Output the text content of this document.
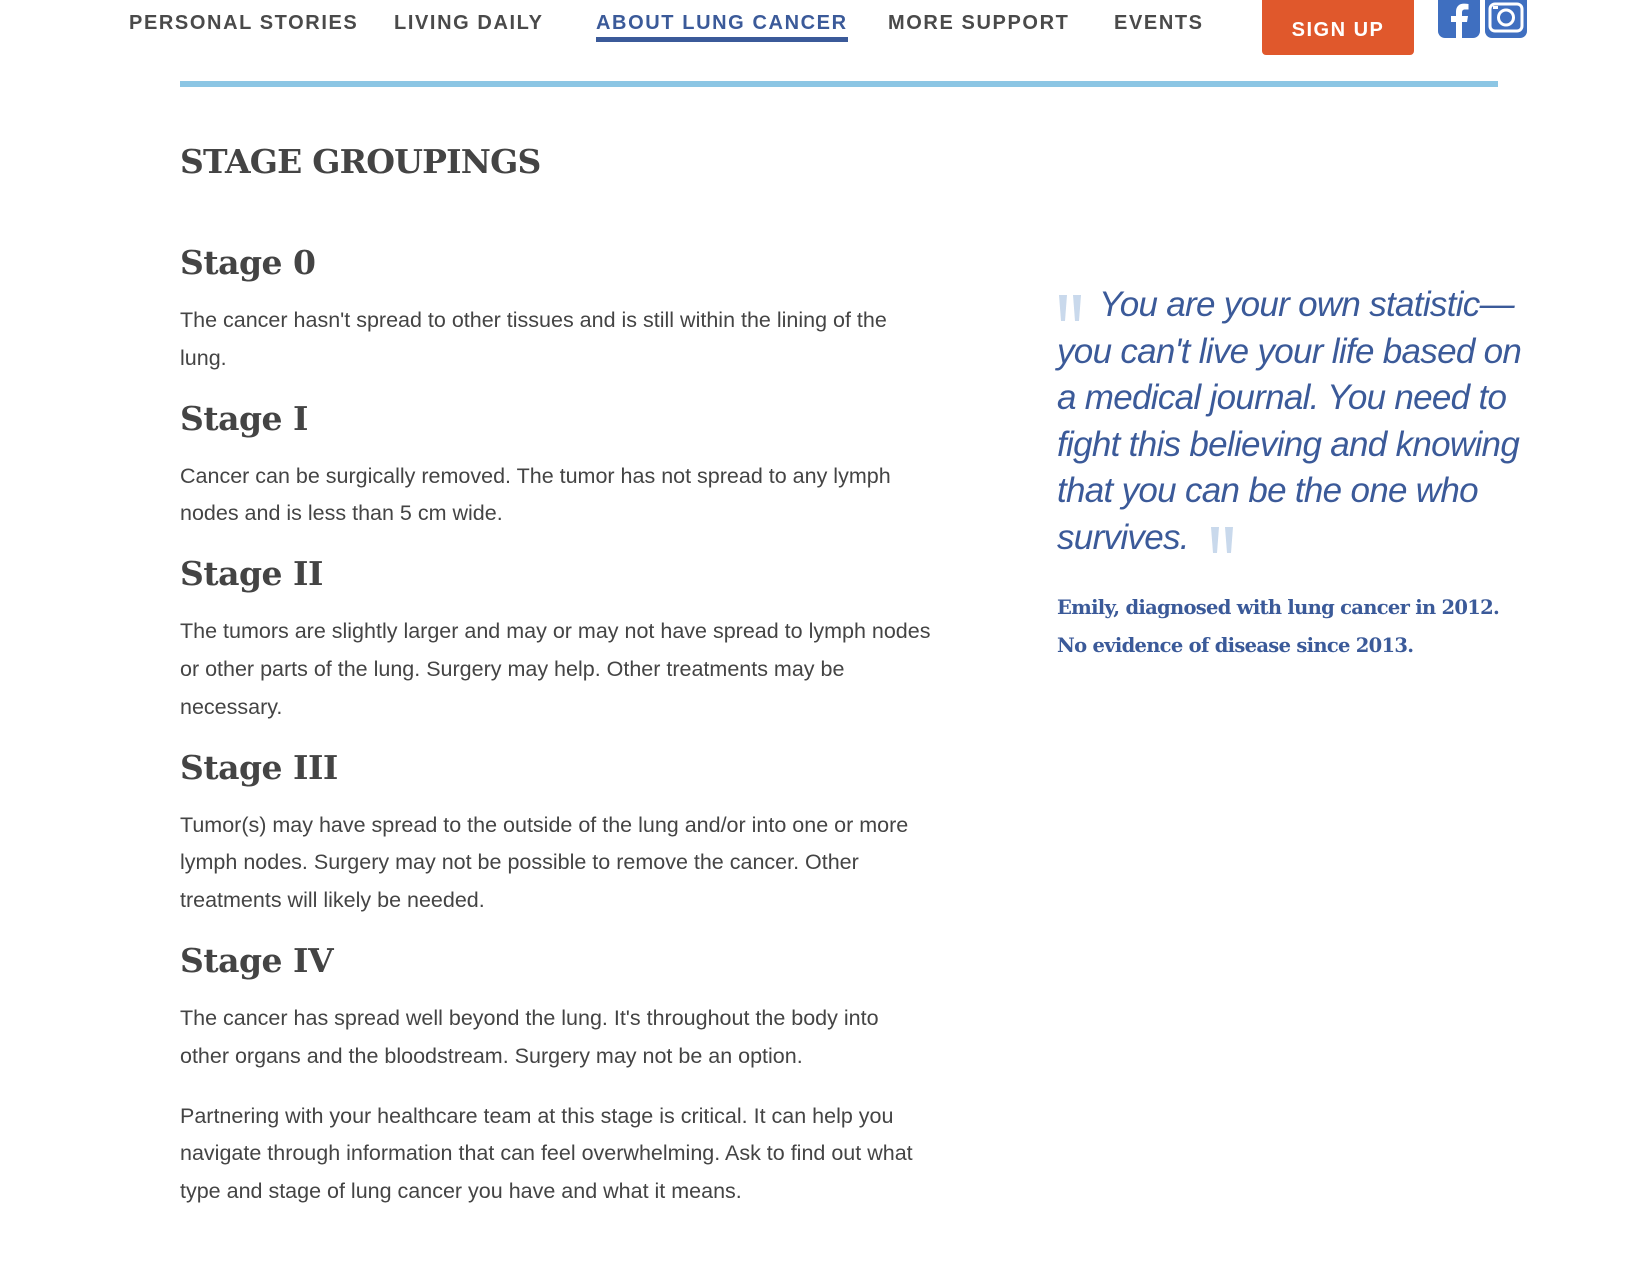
PERSONAL STORIES LIVING DAILY	ABOUT LUNG CANCER MORE SUPPORT EVENTS	SIGN UP
STAGE GROUPINGS
Stage 0

The cancer hasn't spread to other tissues and is still within the lining of the lung.

Stage I

Cancer can be surgically removed. The tumor has not spread to any lymph nodes and is less than 5 cm wide.

Stage II

The tumors are slightly larger and may or may not have spread to lymph nodes or other parts of the lung. Surgery may help. Other treatments may be necessary.

Stage III

Tumor(s) may have spread to the outside of the lung and/or into one or more lymph nodes. Surgery may not be possible to remove the cancer. Other treatments will likely be needed.

Stage IV

The cancer has spread well beyond the lung. It's throughout the body into other organs and the bloodstream. Surgery may not be an option.

Partnering with your healthcare team at this stage is critical. It can help you navigate through information that can feel overwhelming. Ask to find out what type and stage of lung cancer you have and what it means.

You are your own statistic—you can't live your life based on a medical journal. You need to fight this believing and knowing that you can be the one who survives.
Emily, diagnosed with lung cancer in 2012.
No evidence of disease since 2013.
